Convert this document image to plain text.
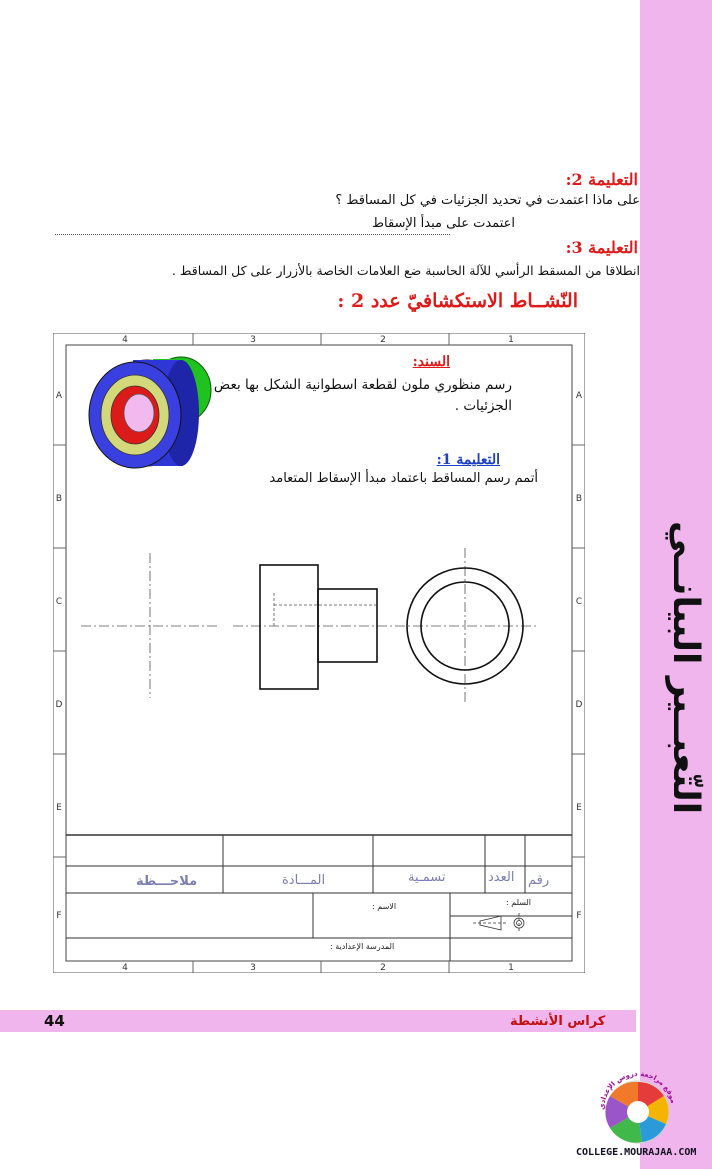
التّعبــير البيانــي
التعليمة 2:
على ماذا اعتمدت في تحديد الجزئيات في كل المساقط ؟
اعتمدت على مبدأ الإسقاط
التعليمة 3:
انطلاقا من المسقط الرأسي للآلة الحاسبة ضع العلامات الخاصة بالأزرار على كل المساقط .
النّشــاط الاستكشافيّ عدد 2 :
4	3	2	1
4	3	2	1
A
B
C
D
E
F
A
B
C
D
E
F
رقم
العدد
تسمـية
المـــادة
ملاحـــظة
السلم :
الاسم :
المدرسة الإعدادية :
السند:
رسم منظوري ملون لقطعة اسطوانية الشكل بها بعض الجزئيات .
التعليمة 1:
أتمم رسم المساقط باعتماد مبدأ الإسقاط المتعامد
44	كراس الأنشطة
موقع مراجعة دروس الإعدادي
COLLEGE.MOURAJAA.COM
